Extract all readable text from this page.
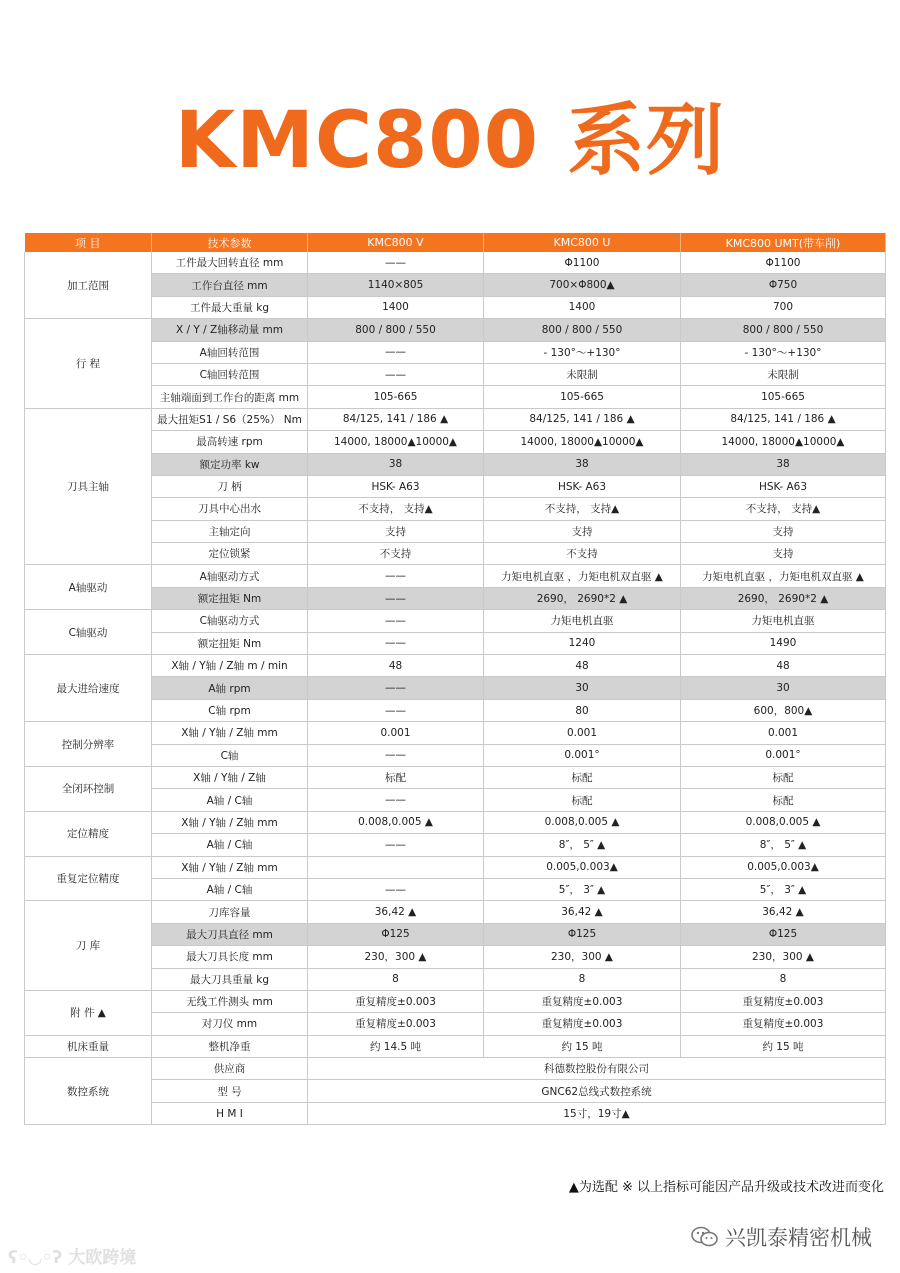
KMC800 系列
项 目	技术参数	KMC800 V	KMC800 U	KMC800 UMT(带车削)
加工范围	工件最大回转直径 mm	——	Φ1100	Φ1100
	工作台直径 mm	1140×805	700×Φ800▲	Φ750
	工件最大重量 kg	1400	1400	700
行 程	X / Y / Z轴移动量 mm	800 / 800 / 550	800 / 800 / 550	800 / 800 / 550
	A轴回转范围	——	- 130°～+130°	- 130°～+130°
	C轴回转范围	——	未限制	未限制
	主轴端面到工作台的距离 mm	105-665	105-665	105-665
刀具主轴	最大扭矩S1 / S6（25%） Nm	84/125, 141 / 186 ▲	84/125, 141 / 186 ▲	84/125, 141 / 186 ▲
	最高转速 rpm	14000, 18000▲10000▲	14000, 18000▲10000▲	14000, 18000▲10000▲
	额定功率 kw	38	38	38
	刀 柄	HSK- A63	HSK- A63	HSK- A63
	刀具中心出水	不支持， 支持▲	不支持， 支持▲	不支持， 支持▲
	主轴定向	支持	支持	支持
	定位锁紧	不支持	不支持	支持
A轴驱动	A轴驱动方式	——	力矩电机直驱 ，力矩电机双直驱 ▲	力矩电机直驱 ，力矩电机双直驱 ▲
	额定扭矩 Nm	——	2690， 2690*2 ▲	2690， 2690*2 ▲
C轴驱动	C轴驱动方式	——	力矩电机直驱	力矩电机直驱
	额定扭矩 Nm	——	1240	1490
最大进给速度	X轴 / Y轴 / Z轴 m / min	48	48	48
	A轴 rpm	——	30	30
	C轴 rpm	——	80	600，800▲
控制分辨率	X轴 / Y轴 / Z轴 mm	0.001	0.001	0.001
	C轴	——	0.001°	0.001°
全闭环控制	X轴 / Y轴 / Z轴	标配	标配	标配
	A轴 / C轴	——	标配	标配
定位精度	X轴 / Y轴 / Z轴 mm	0.008,0.005 ▲	0.008,0.005 ▲	0.008,0.005 ▲
	A轴 / C轴	——	8″， 5″ ▲	8″， 5″ ▲
重复定位精度	X轴 / Y轴 / Z轴 mm		0.005,0.003▲	0.005,0.003▲
	A轴 / C轴	——	5″， 3″ ▲	5″， 3″ ▲
刀 库	刀库容量	36,42 ▲	36,42 ▲	36,42 ▲
	最大刀具直径 mm	Φ125	Φ125	Φ125
	最大刀具长度 mm	230，300 ▲	230，300 ▲	230，300 ▲
	最大刀具重量 kg	8	8	8
附 件 ▲	无线工件测头 mm	重复精度±0.003	重复精度±0.003	重复精度±0.003
	对刀仪 mm	重复精度±0.003	重复精度±0.003	重复精度±0.003
机床重量	整机净重	约 14.5 吨	约 15 吨	约 15 吨
数控系统	供应商	科德数控股份有限公司		
	型 号	GNC62总线式数控系统		
	H M I	15寸，19寸▲		
▲为选配 ※ 以上指标可能因产品升级或技术改进而变化
ʕ◦◡◦ʔ 大欧跨境
兴凯泰精密机械
